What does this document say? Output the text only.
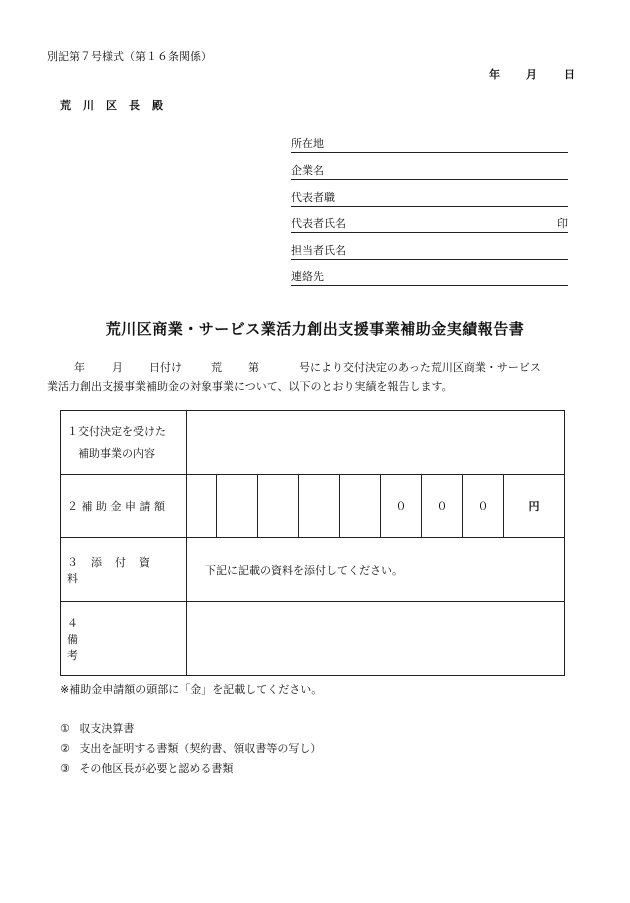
別記第７号様式（第１６条関係）
年 月 日
荒川区長殿
所在地
企業名
代表者職
代表者氏名	印
担当者氏名
連絡先
荒川区商業・サービス業活力創出支援事業補助金実績報告書
年 月 日付け	荒 第	号により交付決定のあった荒川区商業・サービス
業活力創出支援事業補助金の対象事業について、以下のとおり実績を報告します。
１交付決定を受けた
補助事業の内容									

２補助金申請額						０	０	０	円
３添付資料	下記に記載の資料を添付してください。								
４備考									
※補助金申請額の頭部に「金」を記載してください。
① 収支決算書
② 支出を証明する書類（契約書、領収書等の写し）
③ その他区長が必要と認める書類
